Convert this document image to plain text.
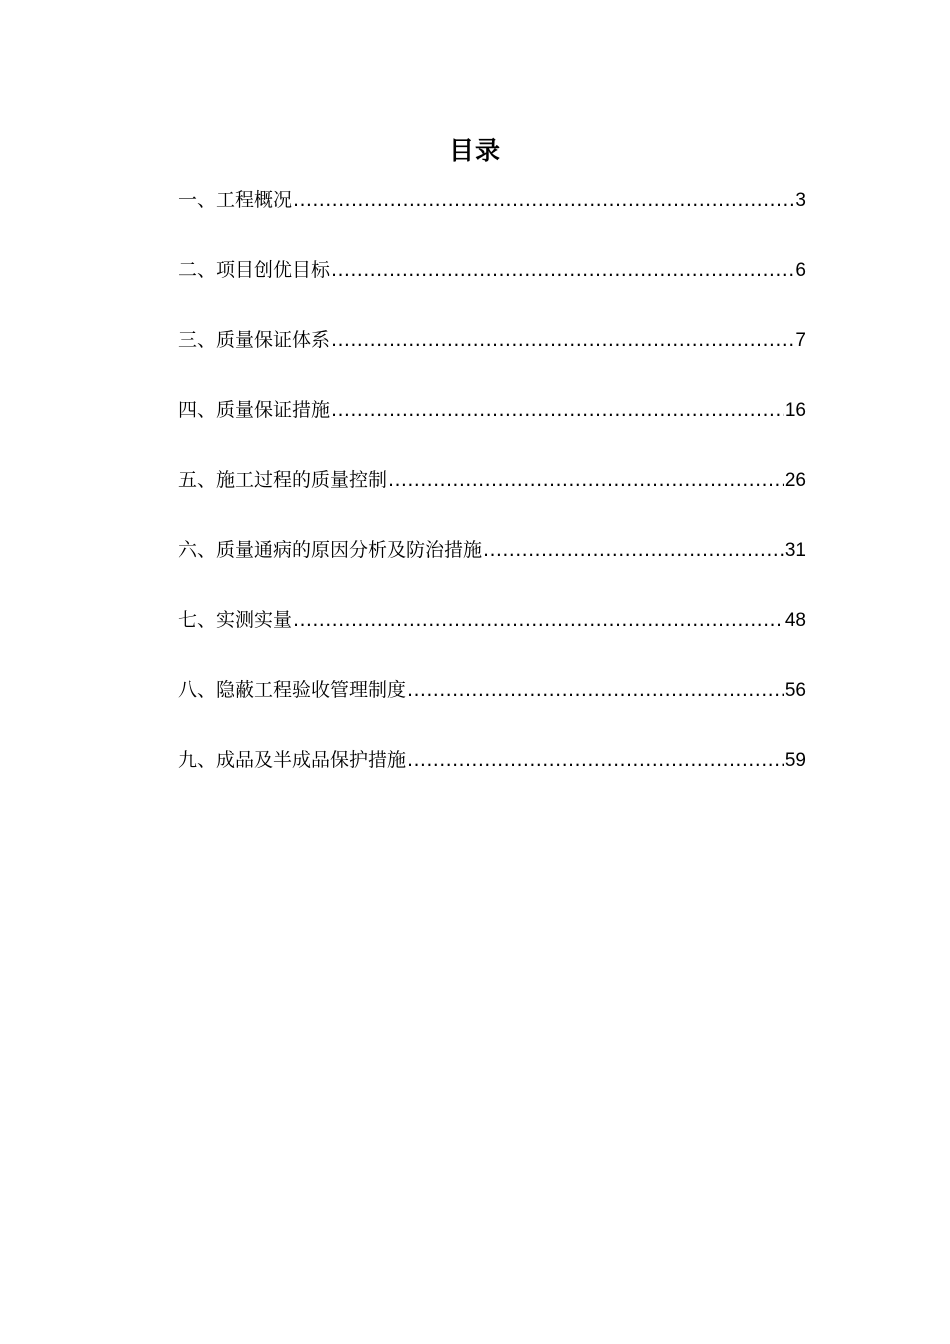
目录
一、工程概况 .....	3
二、项目创优目标 .....	6
三、质量保证体系 .....	7
四、质量保证措施 .....	16
五、施工过程的质量控制 .....	26
六、质量通病的原因分析及防治措施 .....	31
七、实测实量 .....	48
八、隐蔽工程验收管理制度 .....	56
九、成品及半成品保护措施 .....	59
